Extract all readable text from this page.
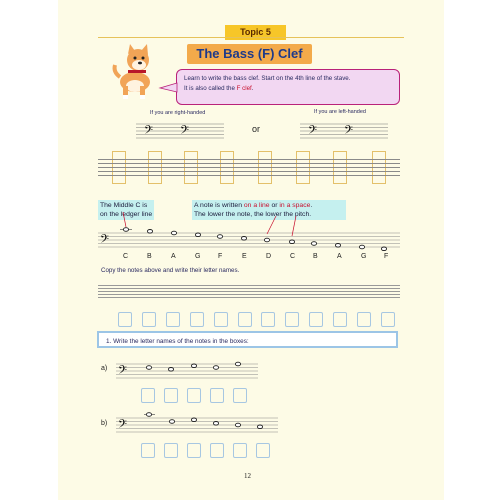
Topic 5
The Bass (F) Clef

Learn to write the bass clef. Start on the 4th line of the stave.

It is also called the F clef.

If you are right-handed	If you are left-handed
𝄢 𝄢	or	𝄢 𝄢
The Middle C is
on the ledger line
A note is written on a line or in a space.
The lower the note, the lower the pitch.
𝄢
C	B	A	G	F	E	D	C	B	A	G	F
Copy the notes above and write their letter names.
1. Write the letter names of the notes in the boxes:
a) 𝄢
b) 𝄢
12
